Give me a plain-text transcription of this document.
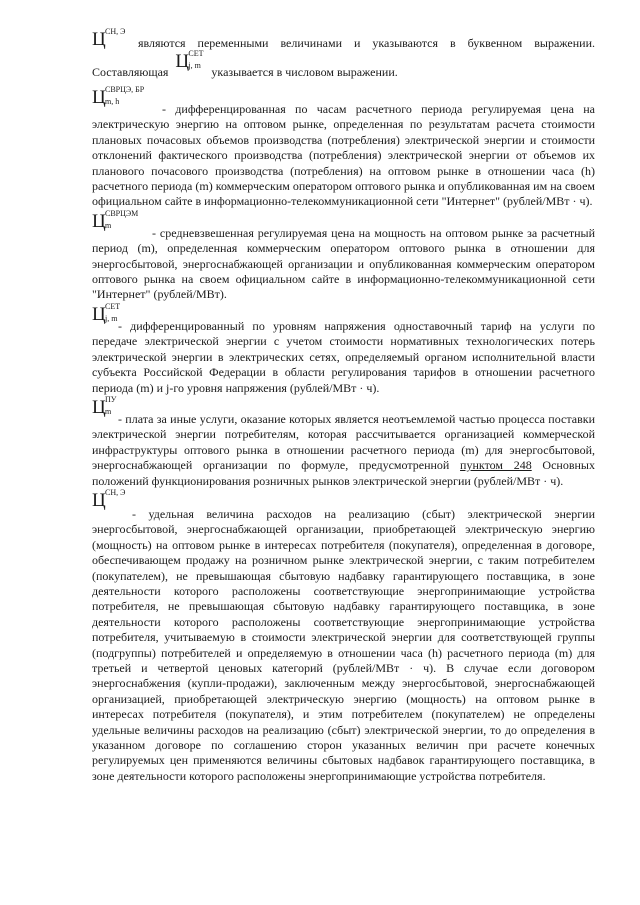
Ц СН, Э
являются переменными величинами и указываются в буквенном выражении.
Составляющая Ц СЕТ
j, m указывается в числовом выражении.
Ц СВРЦЭ, БР
m, h

- дифференцированная по часам расчетного периода регулируемая цена на электрическую энергию на оптовом рынке, определенная по результатам расчета стоимости плановых почасовых объемов производства (потребления) электрической энергии и стоимости отклонений фактического производства (потребления) электрической энергии от объемов их планового почасового производства (потребления) на оптовом рынке в отношении часа (h) расчетного периода (m) коммерческим оператором оптового рынка и опубликованная им на своем официальном сайте в информационно-телекоммуникационной сети "Интернет" (рублей/МВт · ч).

Ц СВРЦЭМ
m

- средневзвешенная регулируемая цена на мощность на оптовом рынке за расчетный период (m), определенная коммерческим оператором оптового рынка в отношении для энергосбытовой, энергоснабжающей организации и опубликованная коммерческим оператором оптового рынка на своем официальном сайте в информационно-телекоммуникационной сети "Интернет" (рублей/МВт).

Ц СЕТ
j, m

- дифференцированный по уровням напряжения одноставочный тариф на услуги по передаче электрической энергии с учетом стоимости нормативных технологических потерь электрической энергии в электрических сетях, определяемый органом исполнительной власти субъекта Российской Федерации в области регулирования тарифов в отношении расчетного периода (m) и j-го уровня напряжения (рублей/МВт · ч).

Ц ПУ
m

- плата за иные услуги, оказание которых является неотъемлемой частью процесса поставки электрической энергии потребителям, которая рассчитывается организацией коммерческой инфраструктуры оптового рынка в отношении расчетного периода (m) для энергосбытовой, энергоснабжающей организации по формуле, предусмотренной пунктом 248 Основных положений функционирования розничных рынков электрической энергии (рублей/МВт · ч).

Ц СН, Э

- удельная величина расходов на реализацию (сбыт) электрической энергии энергосбытовой, энергоснабжающей организации, приобретающей электрическую энергию (мощность) на оптовом рынке в интересах потребителя (покупателя), определенная в договоре, обеспечивающем продажу на розничном рынке электрической энергии, с таким потребителем (покупателем), не превышающая сбытовую надбавку гарантирующего поставщика, в зоне деятельности которого расположены соответствующие энергопринимающие устройства потребителя, не превышающая сбытовую надбавку гарантирующего поставщика, в зоне деятельности которого расположены соответствующие энергопринимающие устройства потребителя, учитываемую в стоимости электрической энергии для соответствующей группы (подгруппы) потребителей и определяемую в отношении часа (h) расчетного периода (m) для третьей и четвертой ценовых категорий (рублей/МВт · ч). В случае если договором энергоснабжения (купли-продажи), заключенным между энергосбытовой, энергоснабжающей организацией, приобретающей электрическую энергию (мощность) на оптовом рынке в интересах потребителя (покупателя), и этим потребителем (покупателем) не определены удельные величины расходов на реализацию (сбыт) электрической энергии, то до определения в указанном договоре по соглашению сторон указанных величин при расчете конечных регулируемых цен применяются величины сбытовых надбавок гарантирующего поставщика, в зоне деятельности которого расположены энергопринимающие устройства потребителя.
